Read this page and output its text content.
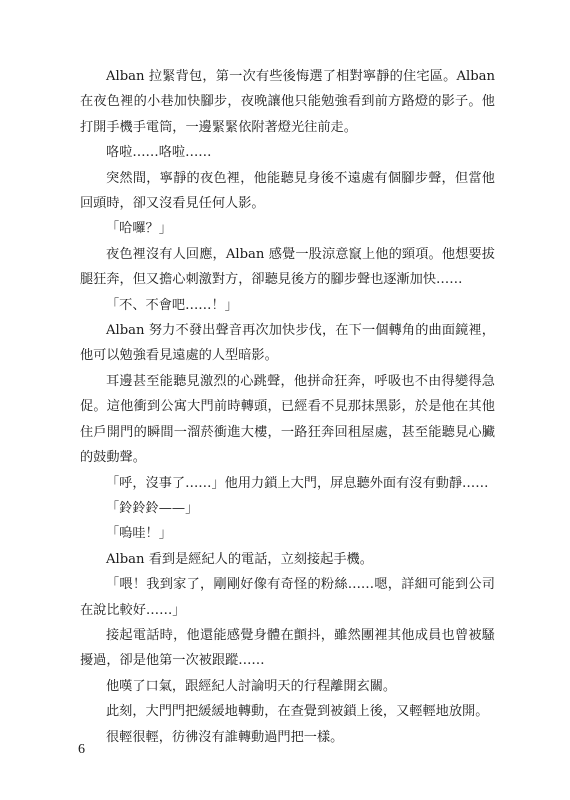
Alban 拉緊背包，第一次有些後悔選了相對寧靜的住宅區。Alban 在夜色裡的小巷加快腳步，夜晚讓他只能勉強看到前方路燈的影子。他打開手機手電筒，一邊緊緊依附著燈光往前走。

咯啦……咯啦……

突然間，寧靜的夜色裡，他能聽見身後不遠處有個腳步聲，但當他回頭時，卻又沒看見任何人影。

「哈囉？」

夜色裡沒有人回應，Alban 感覺一股涼意竄上他的頸項。他想要拔腿狂奔，但又擔心刺激對方，卻聽見後方的腳步聲也逐漸加快……

「不、不會吧……！」

Alban 努力不發出聲音再次加快步伐，在下一個轉角的曲面鏡裡，他可以勉強看見遠處的人型暗影。

耳邊甚至能聽見激烈的心跳聲，他拼命狂奔，呼吸也不由得變得急促。這他衝到公寓大門前時轉頭，已經看不見那抹黑影，於是他在其他住戶開門的瞬間一溜菸衝進大樓，一路狂奔回租屋處，甚至能聽見心臟的鼓動聲。

「呼，沒事了……」他用力鎖上大門，屏息聽外面有沒有動靜……

「鈴鈴鈴——」

「嗚哇！」

Alban 看到是經紀人的電話，立刻接起手機。

「喂！我到家了，剛剛好像有奇怪的粉絲……嗯，詳細可能到公司在說比較好……」

接起電話時，他還能感覺身體在顫抖，雖然團裡其他成員也曾被騷擾過，卻是他第一次被跟蹤……

他嘆了口氣，跟經紀人討論明天的行程離開玄關。

此刻，大門門把緩緩地轉動，在查覺到被鎖上後，又輕輕地放開。

很輕很輕，彷彿沒有誰轉動過門把一樣。

6
